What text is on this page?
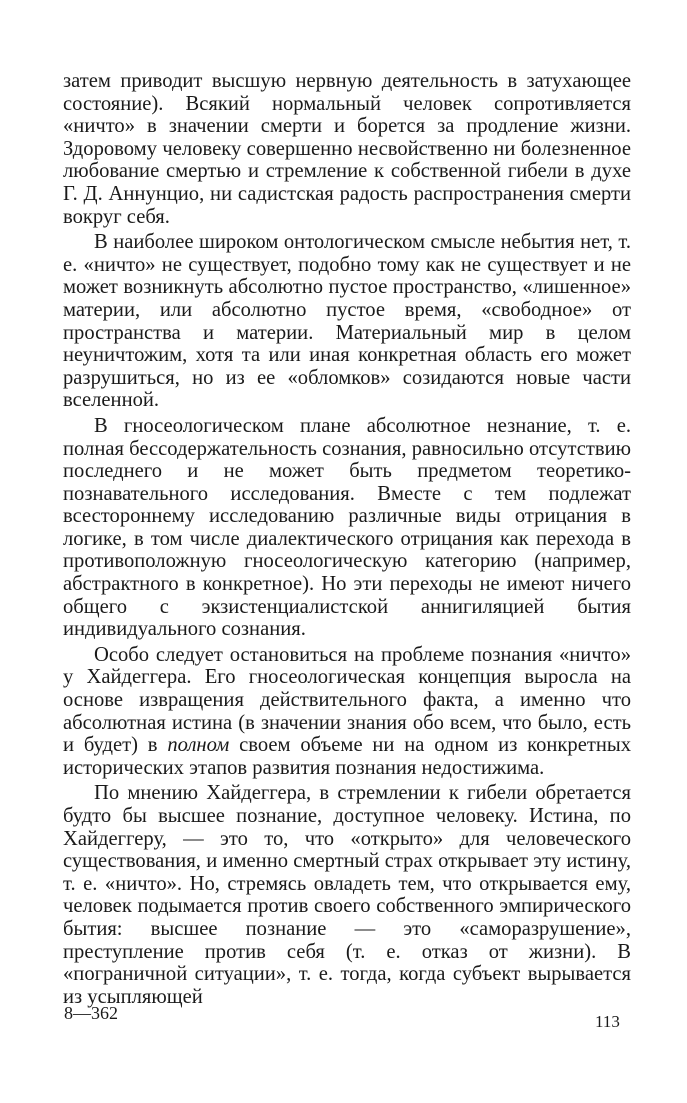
затем приводит высшую нервную деятельность в затухающее состояние). Всякий нормальный человек сопротивляется «ничто» в значении смерти и борется за продление жизни. Здоровому человеку совершенно несвойственно ни болезненное любование смертью и стремление к собственной гибели в духе Г. Д. Аннунцио, ни садистская радость распространения смерти вокруг себя.

В наиболее широком онтологическом смысле небытия нет, т. е. «ничто» не существует, подобно тому как не существует и не может возникнуть абсолютно пустое пространство, «лишенное» материи, или абсолютно пустое время, «свободное» от пространства и материи. Материальный мир в целом неуничтожим, хотя та или иная конкретная область его может разрушиться, но из ее «обломков» созидаются новые части вселенной.

В гносеологическом плане абсолютное незнание, т. е. полная бессодержательность сознания, равносильно отсутствию последнего и не может быть предметом теоретико-познавательного исследования. Вместе с тем подлежат всестороннему исследованию различные виды отрицания в логике, в том числе диалектического отрицания как перехода в противоположную гносеологическую категорию (например, абстрактного в конкретное). Но эти переходы не имеют ничего общего с экзистенциалистской аннигиляцией бытия индивидуального сознания.

Особо следует остановиться на проблеме познания «ничто» у Хайдеггера. Его гносеологическая концепция выросла на основе извращения действительного факта, а именно что абсолютная истина (в значении знания обо всем, что было, есть и будет) в полном своем объеме ни на одном из конкретных исторических этапов развития познания недостижима.

По мнению Хайдеггера, в стремлении к гибели обретается будто бы высшее познание, доступное человеку. Истина, по Хайдеггеру, — это то, что «открыто» для человеческого существования, и именно смертный страх открывает эту истину, т. е. «ничто». Но, стремясь овладеть тем, что открывается ему, человек подымается против своего собственного эмпирического бытия: высшее познание — это «саморазрушение», преступление против себя (т. е. отказ от жизни). В «пограничной ситуации», т. е. тогда, когда субъект вырывается из усыпляющей

8—362	113
